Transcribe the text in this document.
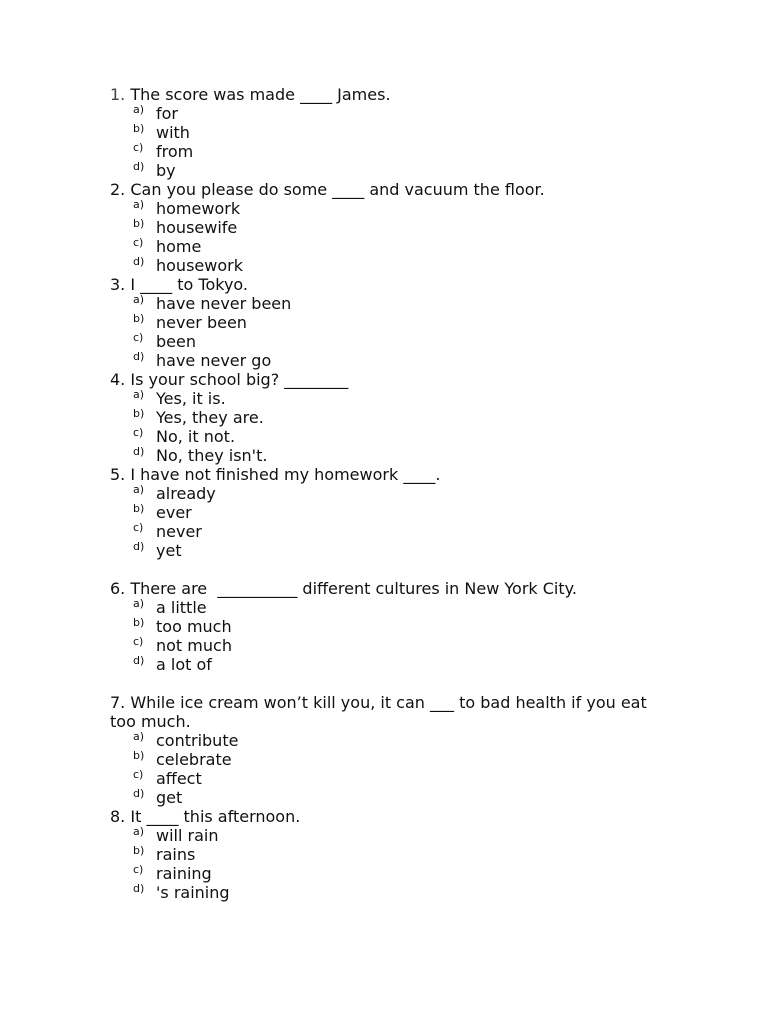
1. The score was made ____ James.
a) for
b) with
c) from
d) by
2. Can you please do some ____ and vacuum the floor.
a) homework
b) housewife
c) home
d) housework
3. I ____ to Tokyo.
a) have never been
b) never been
c) been
d) have never go
4. Is your school big? ________
a) Yes, it is.
b) Yes, they are.
c) No, it not.
d) No, they isn't.
5. I have not finished my homework ____.
a) already
b) ever
c) never
d) yet
6. There are  __________ different cultures in New York City.
a) a little
b) too much
c) not much
d) a lot of
7. While ice cream won’t kill you, it can ___ to bad health if you eat too much.
a) contribute
b) celebrate
c) affect
d) get
8. It ____ this afternoon.
a) will rain
b) rains
c) raining
d) 's raining
